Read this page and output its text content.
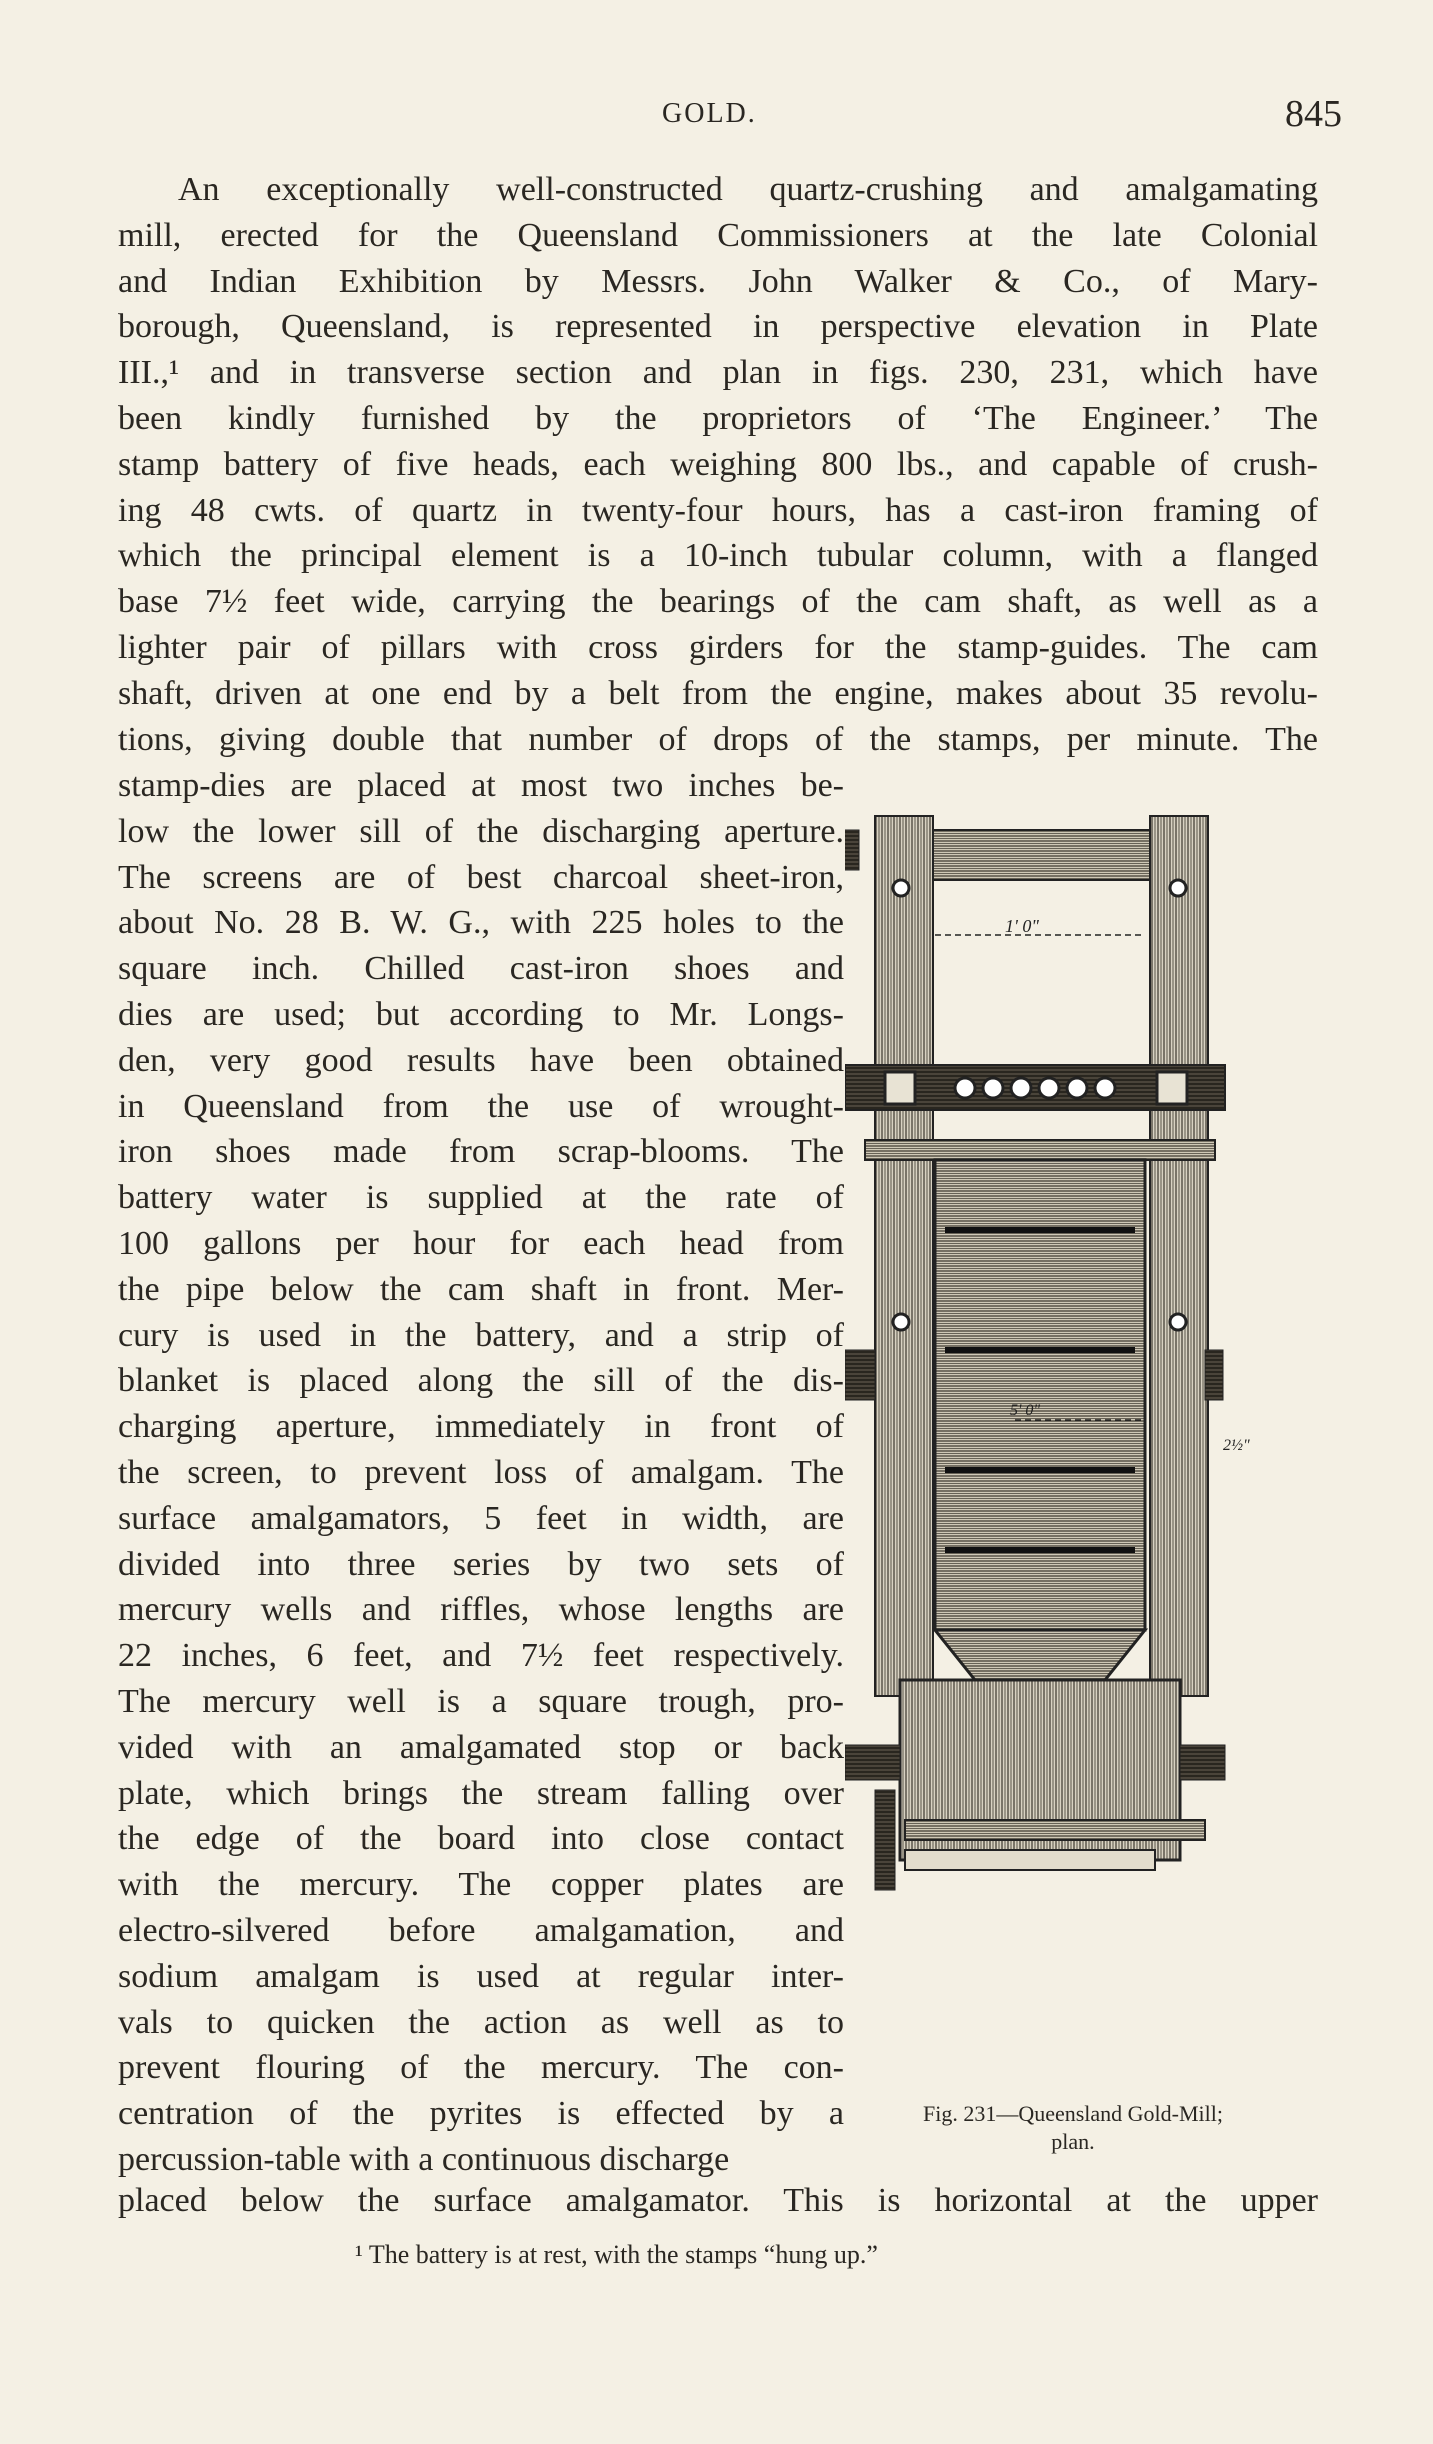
GOLD.	845
An exceptionally well-constructed quartz-crushing and amalgamating
mill, erected for the Queensland Commissioners at the late Colonial
and Indian Exhibition by Messrs. John Walker & Co., of Mary-
borough, Queensland, is represented in perspective elevation in Plate
III.,¹ and in transverse section and plan in figs. 230, 231, which have
been kindly furnished by the proprietors of ‘The Engineer.’ The
stamp battery of five heads, each weighing 800 lbs., and capable of crush-
ing 48 cwts. of quartz in twenty-four hours, has a cast-iron framing of
which the principal element is a 10-inch tubular column, with a flanged
base 7½ feet wide, carrying the bearings of the cam shaft, as well as a
lighter pair of pillars with cross girders for the stamp-guides. The cam
shaft, driven at one end by a belt from the engine, makes about 35 revolu-
tions, giving double that number of drops of the stamps, per minute. The
stamp-dies are placed at most two inches be-
low the lower sill of the discharging aperture.
The screens are of best charcoal sheet-iron,
about No. 28 B. W. G., with 225 holes to the
square inch. Chilled cast-iron shoes and
dies are used; but according to Mr. Longs-
den, very good results have been obtained
in Queensland from the use of wrought-
iron shoes made from scrap-blooms. The
battery water is supplied at the rate of
100 gallons per hour for each head from
the pipe below the cam shaft in front. Mer-
cury is used in the battery, and a strip of
blanket is placed along the sill of the dis-
charging aperture, immediately in front of
the screen, to prevent loss of amalgam. The
surface amalgamators, 5 feet in width, are
divided into three series by two sets of
mercury wells and riffles, whose lengths are
22 inches, 6 feet, and 7½ feet respectively.
The mercury well is a square trough, pro-
vided with an amalgamated stop or back
plate, which brings the stream falling over
the edge of the board into close contact
with the mercury. The copper plates are
electro-silvered before amalgamation, and
sodium amalgam is used at regular inter-
vals to quicken the action as well as to
prevent flouring of the mercury. The con-
centration of the pyrites is effected by a
percussion-table with a continuous discharge
placed below the surface amalgamator. This is horizontal at the upper
1' 0"
5' 0"
2½"
Fig. 231—Queensland Gold-Mill;
plan.
¹ The battery is at rest, with the stamps “hung up.”
